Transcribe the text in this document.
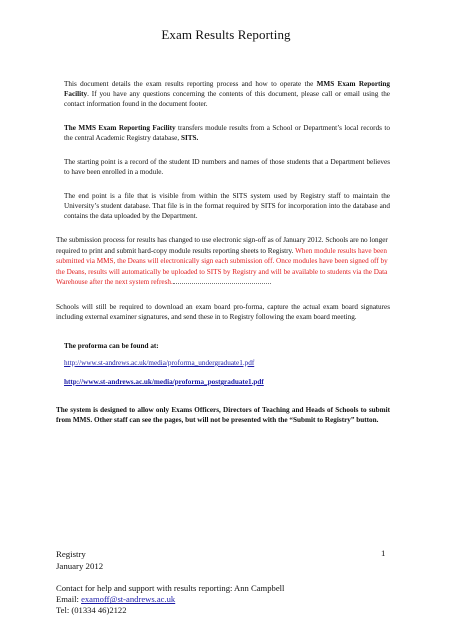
Exam Results Reporting
This document details the exam results reporting process and how to operate the MMS Exam Reporting Facility. If you have any questions concerning the contents of this document, please call or email using the contact information found in the document footer.
The MMS Exam Reporting Facility transfers module results from a School or Department’s local records to the central Academic Registry database, SITS.
The starting point is a record of the student ID numbers and names of those students that a Department believes to have been enrolled in a module.
The end point is a file that is visible from within the SITS system used by Registry staff to maintain the University’s student database. That file is in the format required by SITS for incorporation into the database and contains the data uploaded by the Department.
The submission process for results has changed to use electronic sign-off as of January 2012. Schools are no longer required to print and submit hard-copy module results reporting sheets to Registry. When module results have been submitted via MMS, the Deans will electronically sign each submission off. Once modules have been signed off by the Deans, results will automatically be uploaded to SITS by Registry and will be available to students via the Data Warehouse after the next system refresh.
Schools will still be required to download an exam board pro-forma, capture the actual exam board signatures including external examiner signatures, and send these in to Registry following the exam board meeting.
The proforma can be found at:
http://www.st-andrews.ac.uk/media/proforma_undergraduate1.pdf
http://www.st-andrews.ac.uk/media/proforma_postgraduate1.pdf
The system is designed to allow only Exams Officers, Directors of Teaching and Heads of Schools to submit from MMS. Other staff can see the pages, but will not be presented with the “Submit to Registry” button.
Registry
January 2012
1
Contact for help and support with results reporting: Ann Campbell
Email: examoff@st-andrews.ac.uk
Tel: (01334 46)2122
